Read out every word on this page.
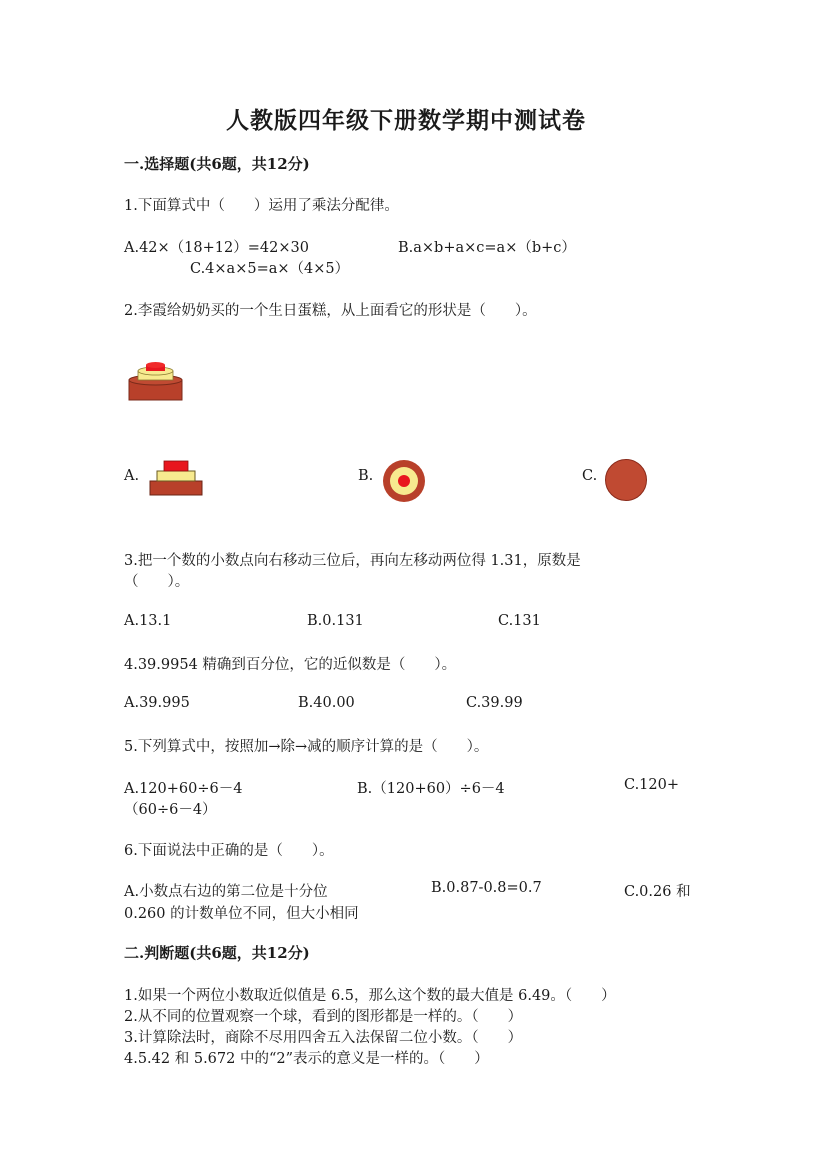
人教版四年级下册数学期中测试卷
一.选择题(共6题，共12分)
1.下面算式中（　　）运用了乘法分配律。
A.42×（18+12）=42×30	B.a×b+a×c=a×（b+c）
C.4×a×5=a×（4×5）
2.李霞给奶奶买的一个生日蛋糕，从上面看它的形状是（　　）。
A.	B.	C.
3.把一个数的小数点向右移动三位后，再向左移动两位得 1.31，原数是
（　　）。
A.13.1	B.0.131	C.131
4.39.9954 精确到百分位，它的近似数是（　　）。
A.39.995	B.40.00	C.39.99
5.下列算式中，按照加→除→减的顺序计算的是（　　）。
A.120+60÷6－4	B.（120+60）÷6－4	C.120+
（60÷6－4）
6.下面说法中正确的是（　　）。
A.小数点右边的第二位是十分位	B.0.87-0.8=0.7	C.0.26 和
0.260 的计数单位不同，但大小相同
二.判断题(共6题，共12分)
1.如果一个两位小数取近似值是 6.5，那么这个数的最大值是 6.49。（　　）
2.从不同的位置观察一个球，看到的图形都是一样的。（　　）
3.计算除法时，商除不尽用四舍五入法保留二位小数。（　　）
4.5.42 和 5.672 中的“2”表示的意义是一样的。（　　）
